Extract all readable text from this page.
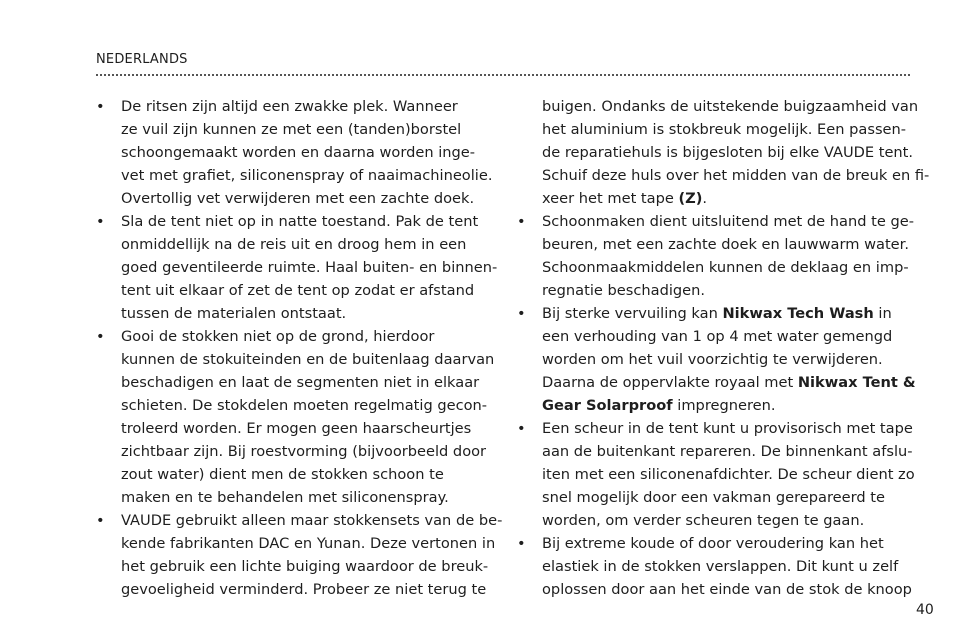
NEDERLANDS
• De ritsen zijn altijd een zwakke plek. Wanneer
ze vuil zijn kunnen ze met een (tanden)borstel
schoongemaakt worden en daarna worden inge-
vet met grafiet, siliconenspray of naaimachineolie.
Overtollig vet verwijderen met een zachte doek.
• Sla de tent niet op in natte toestand. Pak de tent
onmiddellijk na de reis uit en droog hem in een
goed geventileerde ruimte. Haal buiten- en binnen-
tent uit elkaar of zet de tent op zodat er afstand
tussen de materialen ontstaat.
• Gooi de stokken niet op de grond, hierdoor
kunnen de stokuiteinden en de buitenlaag daarvan
beschadigen en laat de segmenten niet in elkaar
schieten. De stokdelen moeten regelmatig gecon-
troleerd worden. Er mogen geen haarscheurtjes
zichtbaar zijn. Bij roestvorming (bijvoorbeeld door
zout water) dient men de stokken schoon te
maken en te behandelen met siliconenspray.
• VAUDE gebruikt alleen maar stokkensets van de be-
kende fabrikanten DAC en Yunan. Deze vertonen in
het gebruik een lichte buiging waardoor de breuk-
gevoeligheid verminderd. Probeer ze niet terug te
buigen. Ondanks de uitstekende buigzaamheid van
het aluminium is stokbreuk mogelijk. Een passen-
de reparatiehuls is bijgesloten bij elke VAUDE tent.
Schuif deze huls over het midden van de breuk en fi-
xeer het met tape (Z).
• Schoonmaken dient uitsluitend met de hand te ge-
beuren, met een zachte doek en lauwwarm water.
Schoonmaakmiddelen kunnen de deklaag en imp-
regnatie beschadigen.
• Bij sterke vervuiling kan Nikwax Tech Wash in
een verhouding van 1 op 4 met water gemengd
worden om het vuil voorzichtig te verwijderen.
Daarna de oppervlakte royaal met Nikwax Tent &
Gear Solarproof impregneren.
• Een scheur in de tent kunt u provisorisch met tape
aan de buitenkant repareren. De binnenkant afslu-
iten met een siliconenafdichter. De scheur dient zo
snel mogelijk door een vakman gerepareerd te
worden, om verder scheuren tegen te gaan.
• Bij extreme koude of door veroudering kan het
elastiek in de stokken verslappen. Dit kunt u zelf
oplossen door aan het einde van de stok de knoop
40
